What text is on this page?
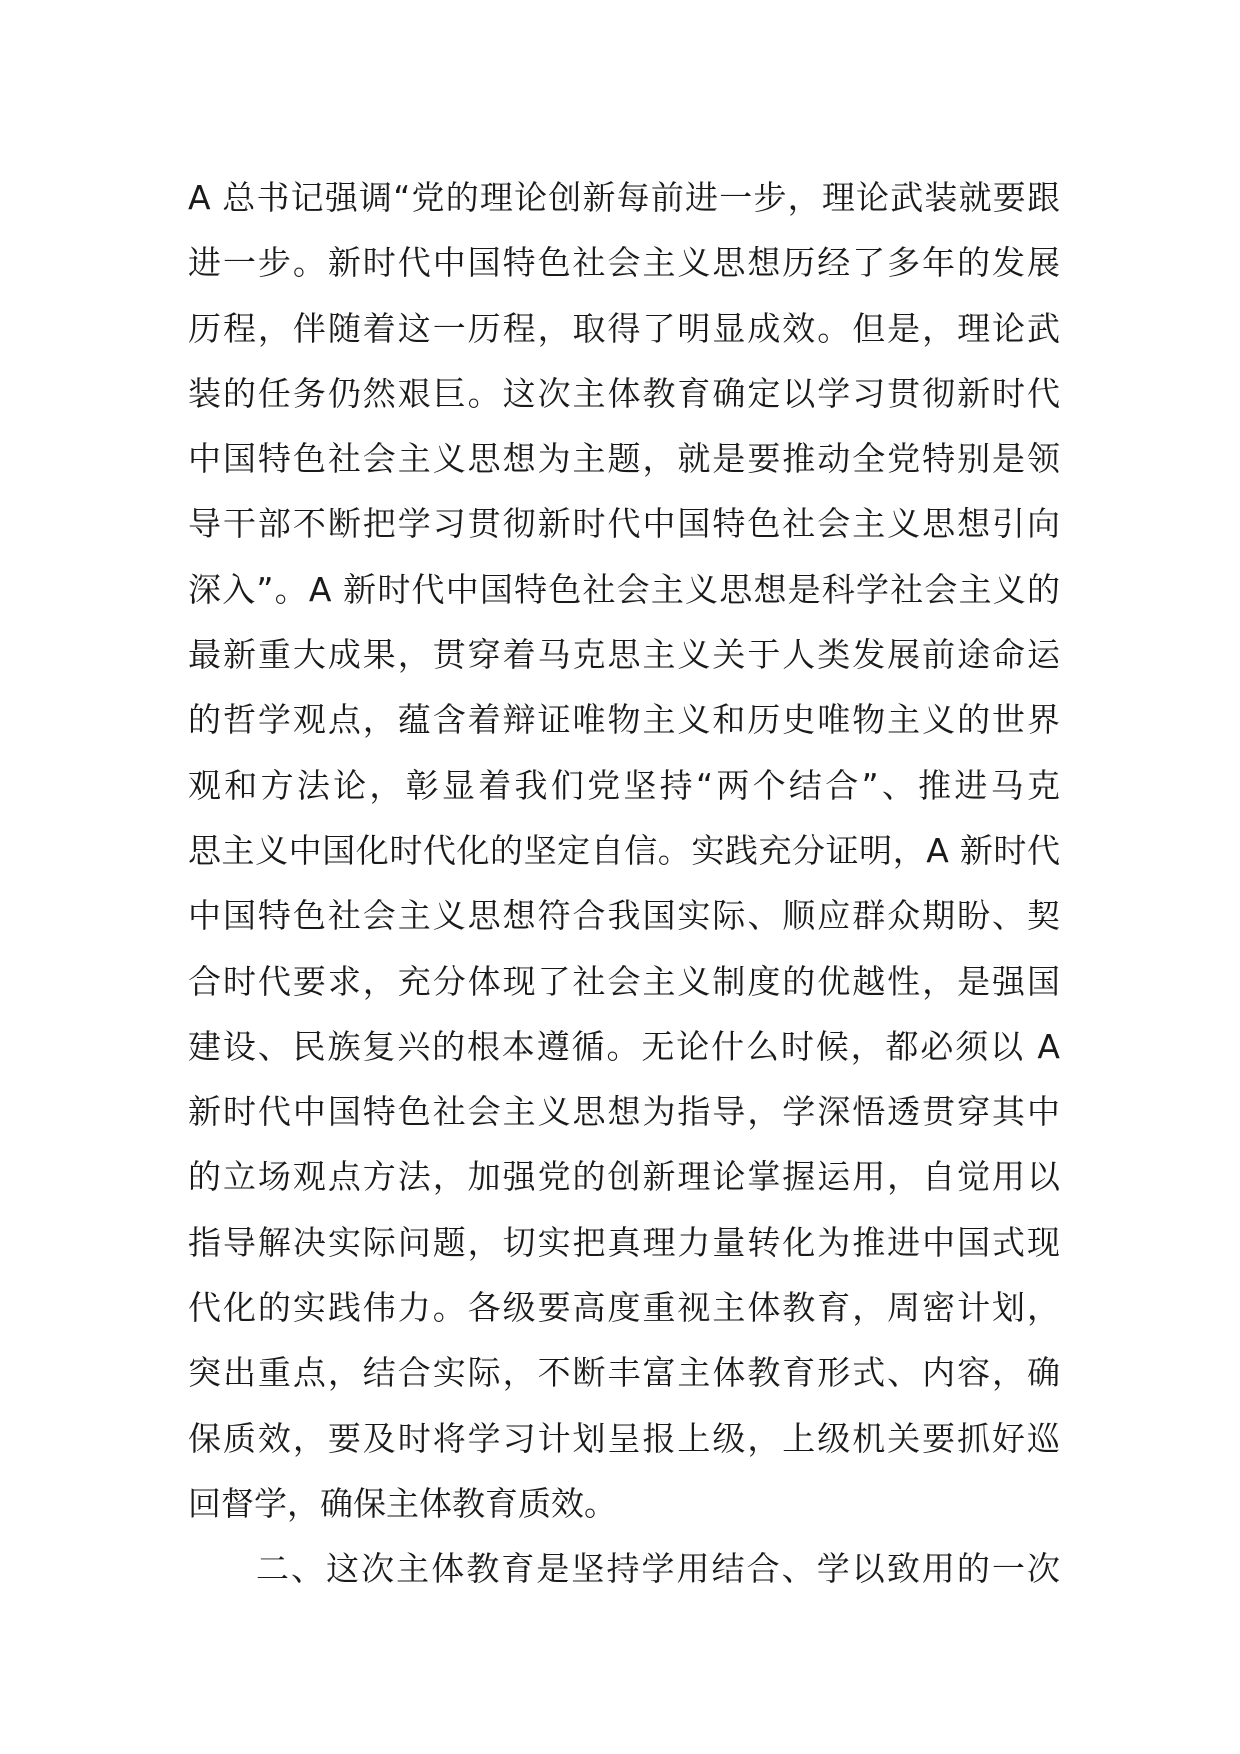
A 总书记强调“党的理论创新每前进一步，理论武装就要跟
进一步。新时代中国特色社会主义思想历经了多年的发展
历程，伴随着这一历程，取得了明显成效。但是，理论武
装的任务仍然艰巨。这次主体教育确定以学习贯彻新时代
中国特色社会主义思想为主题，就是要推动全党特别是领
导干部不断把学习贯彻新时代中国特色社会主义思想引向
深入”。A 新时代中国特色社会主义思想是科学社会主义的
最新重大成果，贯穿着马克思主义关于人类发展前途命运
的哲学观点，蕴含着辩证唯物主义和历史唯物主义的世界
观和方法论，彰显着我们党坚持“两个结合”、推进马克
思主义中国化时代化的坚定自信。实践充分证明，A 新时代
中国特色社会主义思想符合我国实际、顺应群众期盼、契
合时代要求，充分体现了社会主义制度的优越性，是强国
建设、民族复兴的根本遵循。无论什么时候，都必须以 A
新时代中国特色社会主义思想为指导，学深悟透贯穿其中
的立场观点方法，加强党的创新理论掌握运用，自觉用以
指导解决实际问题，切实把真理力量转化为推进中国式现
代化的实践伟力。各级要高度重视主体教育，周密计划，
突出重点，结合实际，不断丰富主体教育形式、内容，确
保质效，要及时将学习计划呈报上级，上级机关要抓好巡
回督学，确保主体教育质效。
二、这次主体教育是坚持学用结合、学以致用的一次
